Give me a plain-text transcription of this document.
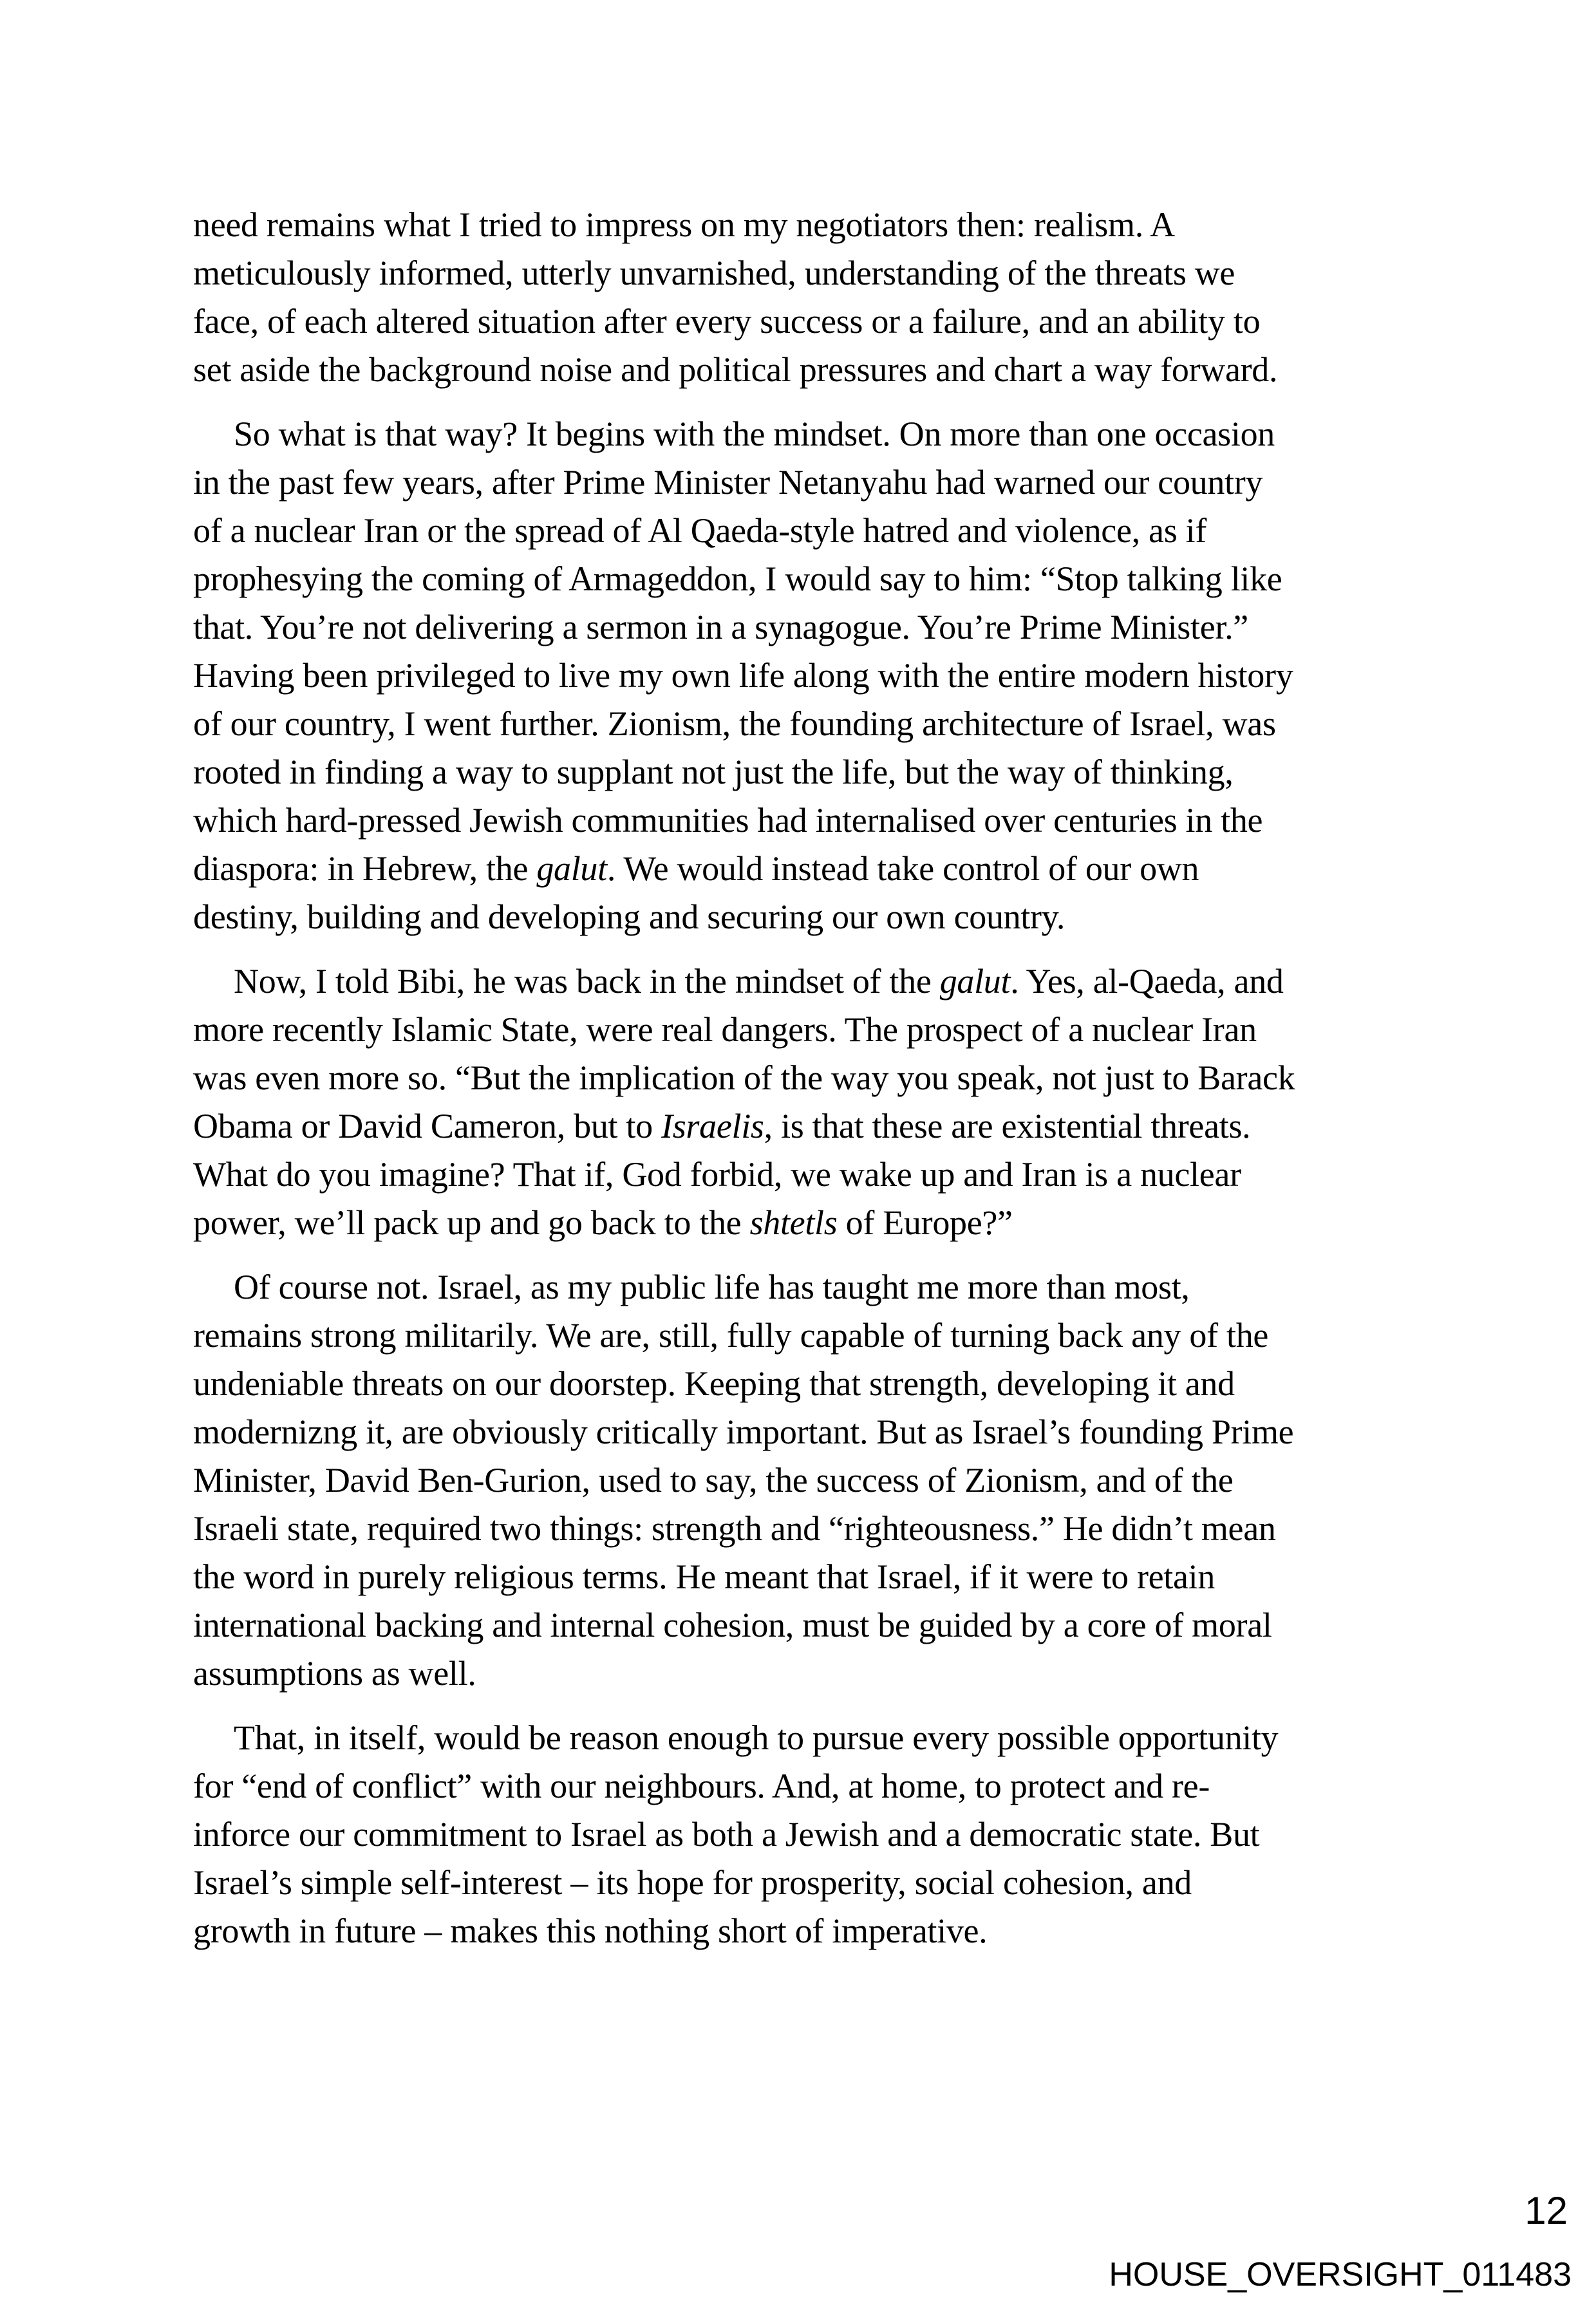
need remains what I tried to impress on my negotiators then: realism. A
meticulously informed, utterly unvarnished, understanding of the threats we
face, of each altered situation after every success or a failure, and an ability to
set aside the background noise and political pressures and chart a way forward.

So what is that way? It begins with the mindset. On more than one occasion
in the past few years, after Prime Minister Netanyahu had warned our country
of a nuclear Iran or the spread of Al Qaeda-style hatred and violence, as if
prophesying the coming of Armageddon, I would say to him: “Stop talking like
that. You’re not delivering a sermon in a synagogue. You’re Prime Minister.”
Having been privileged to live my own life along with the entire modern history
of our country, I went further. Zionism, the founding architecture of Israel, was
rooted in finding a way to supplant not just the life, but the way of thinking,
which hard-pressed Jewish communities had internalised over centuries in the
diaspora: in Hebrew, the galut. We would instead take control of our own
destiny, building and developing and securing our own country.

Now, I told Bibi, he was back in the mindset of the galut. Yes, al-Qaeda, and
more recently Islamic State, were real dangers. The prospect of a nuclear Iran
was even more so. “But the implication of the way you speak, not just to Barack
Obama or David Cameron, but to Israelis, is that these are existential threats.
What do you imagine? That if, God forbid, we wake up and Iran is a nuclear
power, we’ll pack up and go back to the shtetls of Europe?”

Of course not. Israel, as my public life has taught me more than most,
remains strong militarily. We are, still, fully capable of turning back any of the
undeniable threats on our doorstep. Keeping that strength, developing it and
modernizng it, are obviously critically important. But as Israel’s founding Prime
Minister, David Ben-Gurion, used to say, the success of Zionism, and of the
Israeli state, required two things: strength and “righteousness.” He didn’t mean
the word in purely religious terms. He meant that Israel, if it were to retain
international backing and internal cohesion, must be guided by a core of moral
assumptions as well.

That, in itself, would be reason enough to pursue every possible opportunity
for “end of conflict” with our neighbours. And, at home, to protect and re-
inforce our commitment to Israel as both a Jewish and a democratic state. But
Israel’s simple self-interest – its hope for prosperity, social cohesion, and
growth in future – makes this nothing short of imperative.

12
HOUSE_OVERSIGHT_011483
